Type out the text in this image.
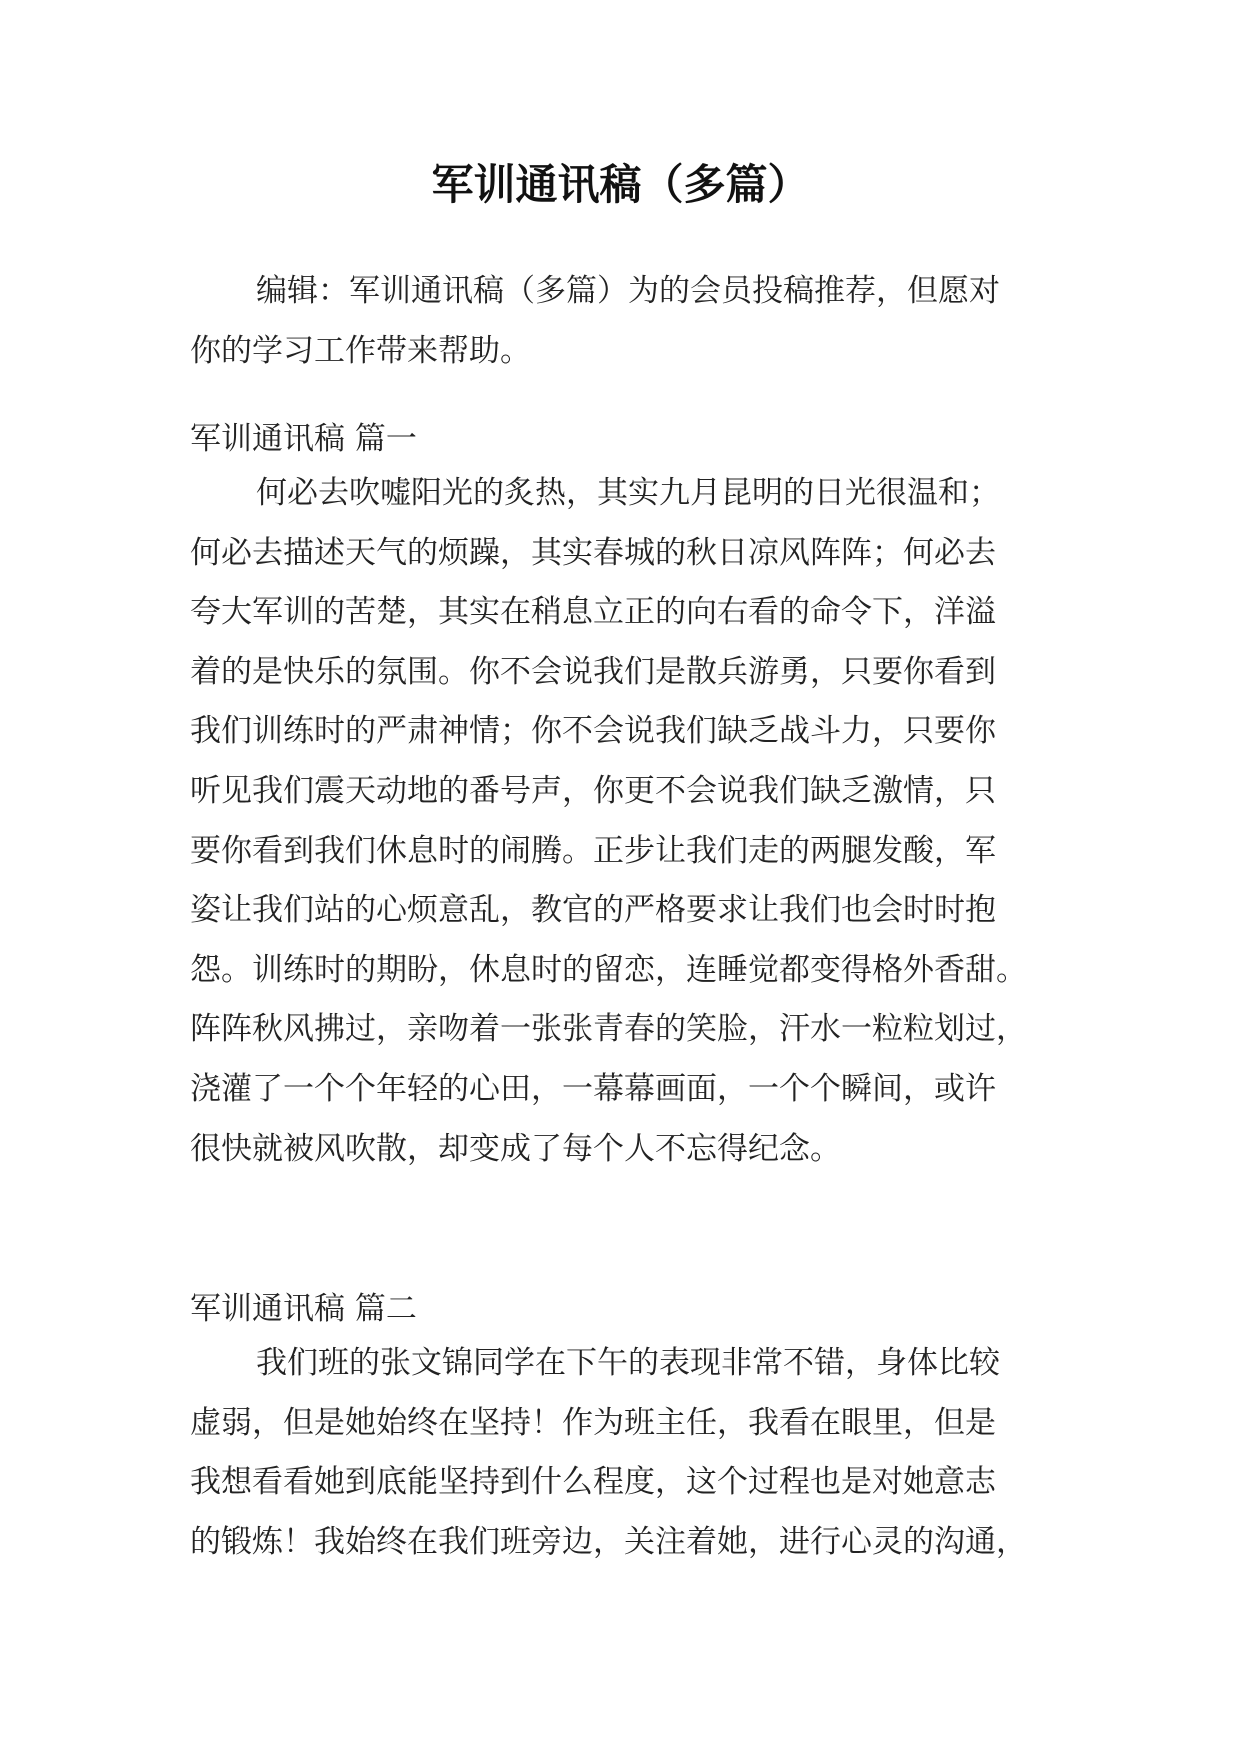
军训通讯稿（多篇）
编辑：军训通讯稿（多篇）为的会员投稿推荐，但愿对
你的学习工作带来帮助。
军训通讯稿 篇一
何必去吹嘘阳光的炙热，其实九月昆明的日光很温和；
何必去描述天气的烦躁，其实春城的秋日凉风阵阵；何必去
夸大军训的苦楚，其实在稍息立正的向右看的命令下，洋溢
着的是快乐的氛围。你不会说我们是散兵游勇，只要你看到
我们训练时的严肃神情；你不会说我们缺乏战斗力，只要你
听见我们震天动地的番号声，你更不会说我们缺乏激情，只
要你看到我们休息时的闹腾。正步让我们走的两腿发酸，军
姿让我们站的心烦意乱，教官的严格要求让我们也会时时抱
怨。训练时的期盼，休息时的留恋，连睡觉都变得格外香甜。
阵阵秋风拂过，亲吻着一张张青春的笑脸，汗水一粒粒划过，
浇灌了一个个年轻的心田，一幕幕画面，一个个瞬间，或许
很快就被风吹散，却变成了每个人不忘得纪念。
军训通讯稿 篇二
我们班的张文锦同学在下午的表现非常不错，身体比较
虚弱，但是她始终在坚持！作为班主任，我看在眼里，但是
我想看看她到底能坚持到什么程度，这个过程也是对她意志
的锻炼！我始终在我们班旁边，关注着她，进行心灵的沟通，
